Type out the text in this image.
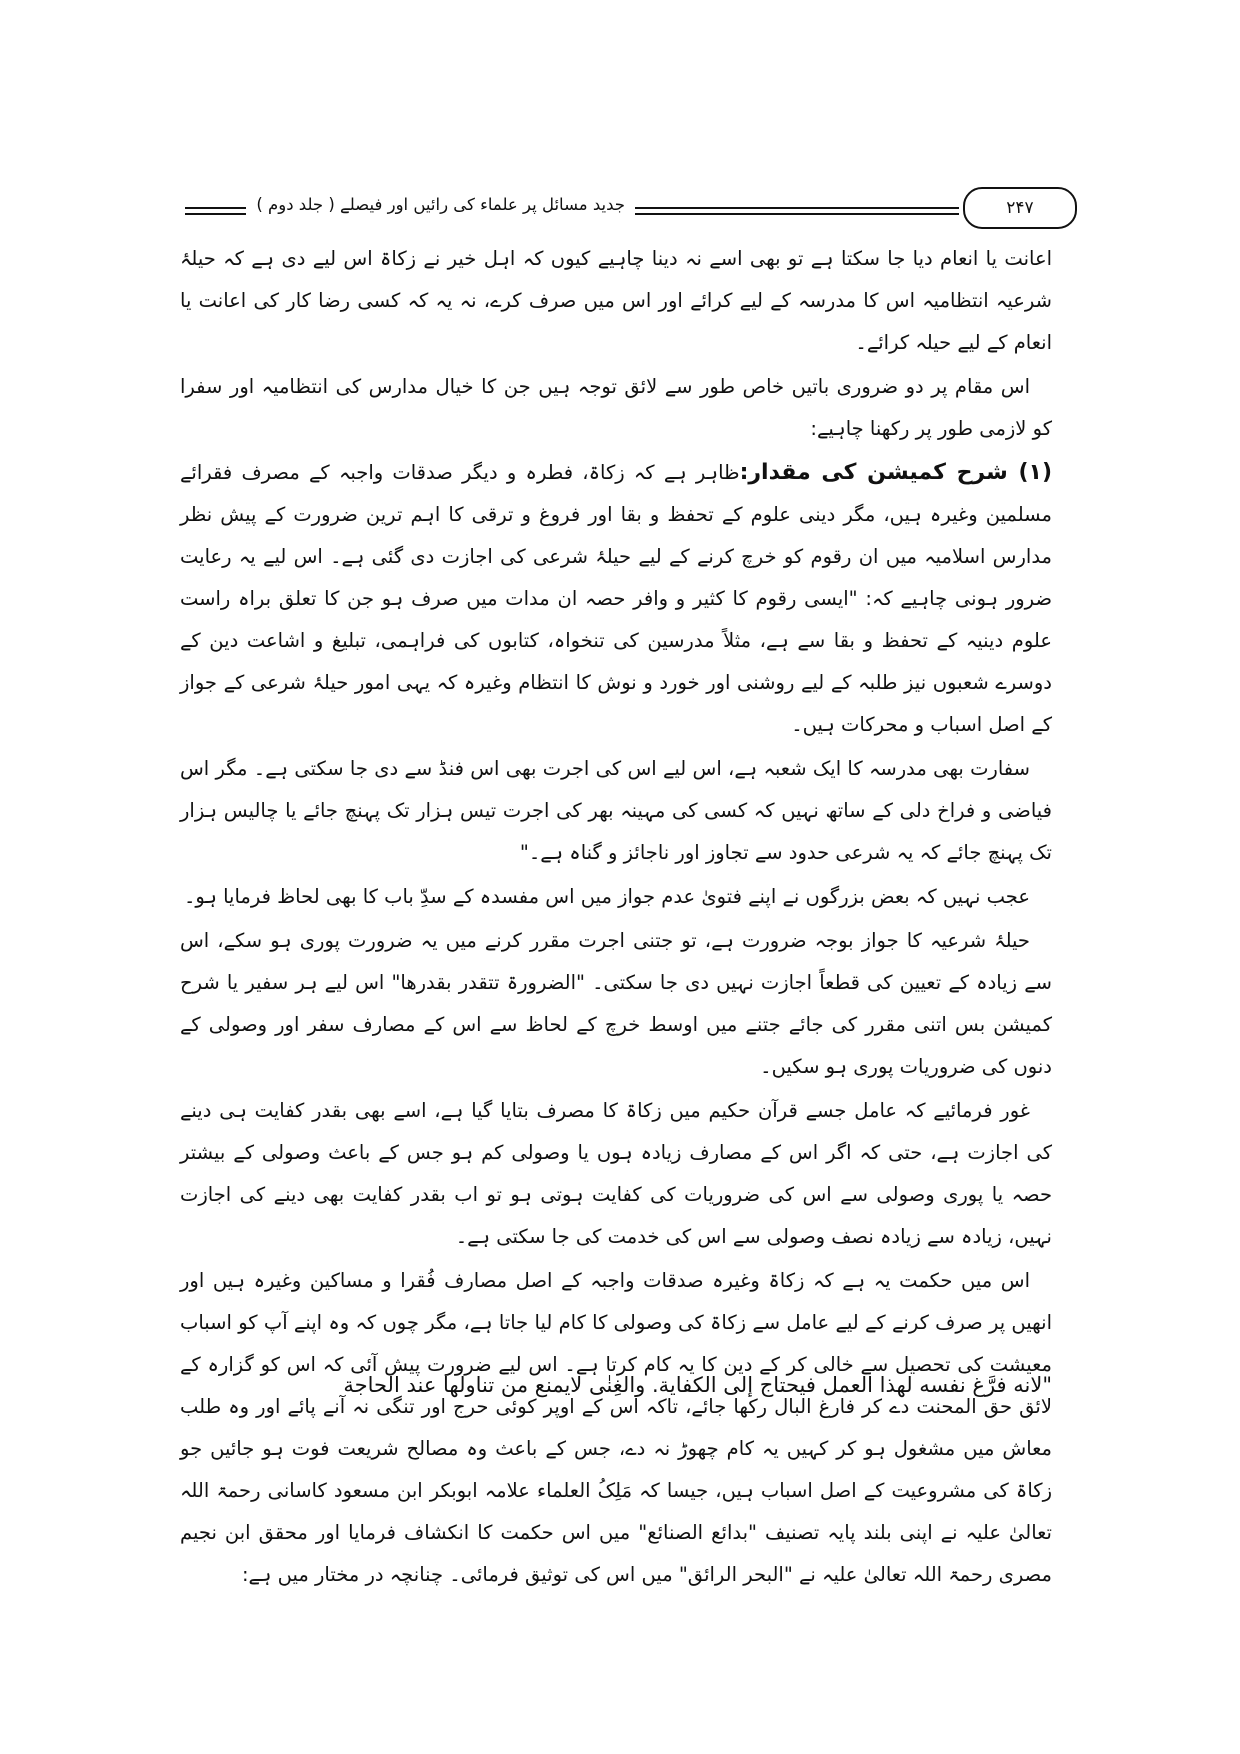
جدید مسائل پر علماء کی رائیں اور فیصلے ( جلد دوم )	۲۴۷

اعانت یا انعام دیا جا سکتا ہے تو بھی اسے نہ دینا چاہیے کیوں کہ اہل خیر نے زکاۃ اس لیے دی ہے کہ حیلۂ شرعیہ انتظامیہ اس کا مدرسہ کے لیے کرائے اور اس میں صرف کرے، نہ یہ کہ کسی رضا کار کی اعانت یا انعام کے لیے حیلہ کرائے۔

اس مقام پر دو ضروری باتیں خاص طور سے لائق توجہ ہیں جن کا خیال مدارس کی انتظامیہ اور سفرا کو لازمی طور پر رکھنا چاہیے:

(۱) شرح کمیشن کی مقدار:ظاہر ہے کہ زکاۃ، فطرہ و دیگر صدقات واجبہ کے مصرف فقرائے مسلمین وغیرہ ہیں، مگر دینی علوم کے تحفظ و بقا اور فروغ و ترقی کا اہم ترین ضرورت کے پیش نظر مدارس اسلامیہ میں ان رقوم کو خرچ کرنے کے لیے حیلۂ شرعی کی اجازت دی گئی ہے۔ اس لیے یہ رعایت ضرور ہونی چاہیے کہ: "ایسی رقوم کا کثیر و وافر حصہ ان مدات میں صرف ہو جن کا تعلق براہ راست علوم دینیہ کے تحفظ و بقا سے ہے، مثلاً مدرسین کی تنخواہ، کتابوں کی فراہمی، تبلیغ و اشاعت دین کے دوسرے شعبوں نیز طلبہ کے لیے روشنی اور خورد و نوش کا انتظام وغیرہ کہ یہی امور حیلۂ شرعی کے جواز کے اصل اسباب و محرکات ہیں۔

سفارت بھی مدرسہ کا ایک شعبہ ہے، اس لیے اس کی اجرت بھی اس فنڈ سے دی جا سکتی ہے۔ مگر اس فیاضی و فراخ دلی کے ساتھ نہیں کہ کسی کی مہینہ بھر کی اجرت تیس ہزار تک پہنچ جائے یا چالیس ہزار تک پہنچ جائے کہ یہ شرعی حدود سے تجاوز اور ناجائز و گناہ ہے۔"

عجب نہیں کہ بعض بزرگوں نے اپنے فتویٰ عدم جواز میں اس مفسدہ کے سدِّ باب کا بھی لحاظ فرمایا ہو۔

حیلۂ شرعیہ کا جواز بوجہ ضرورت ہے، تو جتنی اجرت مقرر کرنے میں یہ ضرورت پوری ہو سکے، اس سے زیادہ کے تعیین کی قطعاً اجازت نہیں دی جا سکتی۔ "الضرورۃ تتقدر بقدرھا" اس لیے ہر سفیر یا شرح کمیشن بس اتنی مقرر کی جائے جتنے میں اوسط خرچ کے لحاظ سے اس کے مصارف سفر اور وصولی کے دنوں کی ضروریات پوری ہو سکیں۔

غور فرمائیے کہ عامل جسے قرآن حکیم میں زکاۃ کا مصرف بتایا گیا ہے، اسے بھی بقدر کفایت ہی دینے کی اجازت ہے، حتی کہ اگر اس کے مصارف زیادہ ہوں یا وصولی کم ہو جس کے باعث وصولی کے بیشتر حصہ یا پوری وصولی سے اس کی ضروریات کی کفایت ہوتی ہو تو اب بقدر کفایت بھی دینے کی اجازت نہیں، زیادہ سے زیادہ نصف وصولی سے اس کی خدمت کی جا سکتی ہے۔

اس میں حکمت یہ ہے کہ زکاۃ وغیرہ صدقات واجبہ کے اصل مصارف فُقرا و مساکین وغیرہ ہیں اور انھیں پر صرف کرنے کے لیے عامل سے زکاۃ کی وصولی کا کام لیا جاتا ہے، مگر چوں کہ وہ اپنے آپ کو اسباب معیشت کی تحصیل سے خالی کر کے دین کا یہ کام کرتا ہے۔ اس لیے ضرورت پیش آئی کہ اس کو گزارہ کے لائق حق المحنت دے کر فارغ البال رکھا جائے، تاکہ اس کے اوپر کوئی حرج اور تنگی نہ آنے پائے اور وہ طلب معاش میں مشغول ہو کر کہیں یہ کام چھوڑ نہ دے، جس کے باعث وہ مصالح شریعت فوت ہو جائیں جو زکاۃ کی مشروعیت کے اصل اسباب ہیں، جیسا کہ مَلِکُ العلماء علامہ ابوبکر ابن مسعود کاسانی رحمۃ اللہ تعالیٰ علیہ نے اپنی بلند پایہ تصنیف "بدائع الصنائع" میں اس حکمت کا انکشاف فرمایا اور محقق ابن نجیم مصری رحمۃ اللہ تعالیٰ علیہ نے "البحر الرائق" میں اس کی توثیق فرمائی۔ چنانچہ در مختار میں ہے:

"لانه فرَّغ نفسه لهذا العمل فيحتاج إلى الكفاية. والغِنٰى لايمنع من تناولها عند الحاجة
